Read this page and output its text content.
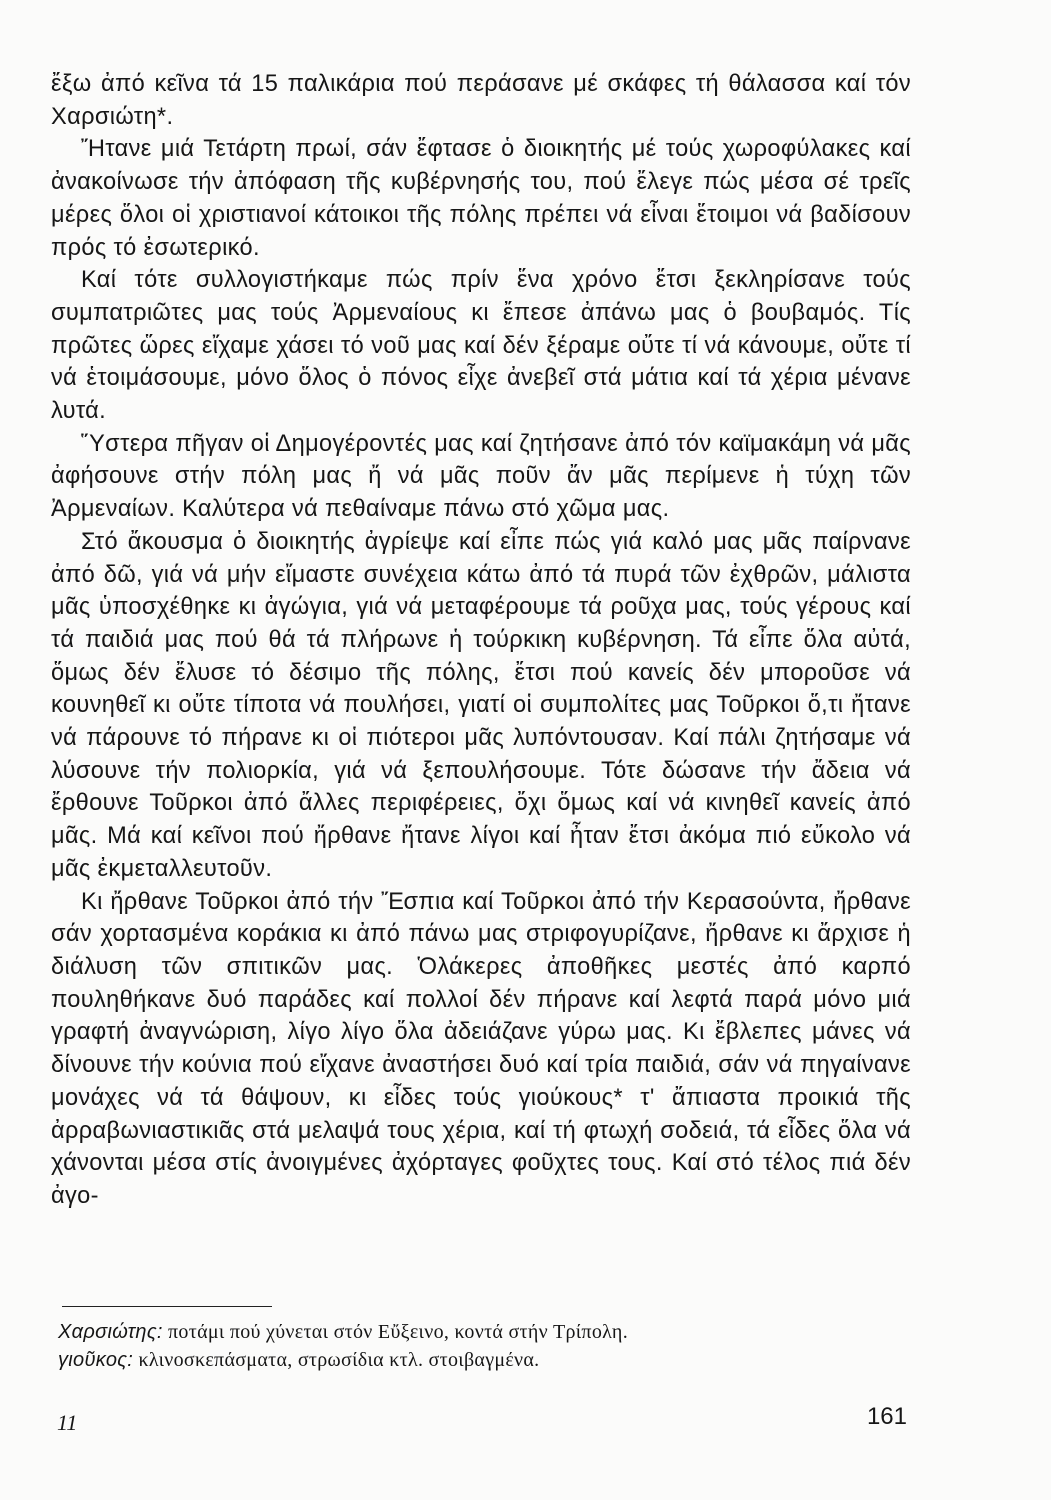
ἔξω ἀπό κεῖνα τά 15 παλικάρια πού περάσανε μέ σκάφες τή θάλασσα καί τόν Χαρσιώτη*.

Ἤτανε μιά Τετάρτη πρωί, σάν ἔφτασε ὁ διοικητής μέ τούς χωροφύλακες καί ἀνακοίνωσε τήν ἀπόφαση τῆς κυβέρνησής του, πού ἔλεγε πώς μέσα σέ τρεῖς μέρες ὅλοι οἱ χριστιανοί κάτοικοι τῆς πόλης πρέπει νά εἶναι ἕτοιμοι νά βαδίσουν πρός τό ἐσωτερικό.

Καί τότε συλλογιστήκαμε πώς πρίν ἕνα χρόνο ἔτσι ξεκληρίσανε τούς συμπατριῶτες μας τούς Ἀρμεναίους κι ἔπεσε ἀπάνω μας ὁ βουβαμός. Τίς πρῶτες ὥρες εἴχαμε χάσει τό νοῦ μας καί δέν ξέραμε οὔτε τί νά κάνουμε, οὔτε τί νά ἑτοιμάσουμε, μόνο ὅλος ὁ πόνος εἶχε ἀνεβεῖ στά μάτια καί τά χέρια μένανε λυτά.

Ὕστερα πῆγαν οἱ Δημογέροντές μας καί ζητήσανε ἀπό τόν καϊμακάμη νά μᾶς ἀφήσουνε στήν πόλη μας ἤ νά μᾶς ποῦν ἄν μᾶς περίμενε ἡ τύχη τῶν Ἀρμεναίων. Καλύτερα νά πεθαίναμε πάνω στό χῶμα μας.

Στό ἄκουσμα ὁ διοικητής ἀγρίεψε καί εἶπε πώς γιά καλό μας μᾶς παίρνανε ἀπό δῶ, γιά νά μήν εἴμαστε συνέχεια κάτω ἀπό τά πυρά τῶν ἐχθρῶν, μάλιστα μᾶς ὑποσχέθηκε κι ἀγώγια, γιά νά μεταφέρουμε τά ροῦχα μας, τούς γέρους καί τά παιδιά μας πού θά τά πλήρωνε ἡ τούρκικη κυβέρνηση. Τά εἶπε ὅλα αὐτά, ὅμως δέν ἔλυσε τό δέσιμο τῆς πόλης, ἔτσι πού κανείς δέν μποροῦσε νά κουνηθεῖ κι οὔτε τίποτα νά πουλήσει, γιατί οἱ συμπολίτες μας Τοῦρκοι ὅ,τι ἤτανε νά πάρουνε τό πήρανε κι οἱ πιότεροι μᾶς λυπόντουσαν. Καί πάλι ζητήσαμε νά λύσουνε τήν πολιορκία, γιά νά ξεπουλήσουμε. Τότε δώσανε τήν ἄδεια νά ἔρθουνε Τοῦρκοι ἀπό ἄλλες περιφέρειες, ὄχι ὅμως καί νά κινηθεῖ κανείς ἀπό μᾶς. Μά καί κεῖνοι πού ἤρθανε ἤτανε λίγοι καί ἦταν ἔτσι ἀκόμα πιό εὔκολο νά μᾶς ἐκμεταλλευτοῦν.

Κι ἤρθανε Τοῦρκοι ἀπό τήν Ἔσπια καί Τοῦρκοι ἀπό τήν Κερασούντα, ἤρθανε σάν χορτασμένα κοράκια κι ἀπό πάνω μας στριφογυρίζανε, ἤρθανε κι ἄρχισε ἡ διάλυση τῶν σπιτικῶν μας. Ὁλάκερες ἀποθῆκες μεστές ἀπό καρπό πουληθήκανε δυό παράδες καί πολλοί δέν πήρανε καί λεφτά παρά μόνο μιά γραφτή ἀναγνώριση, λίγο λίγο ὅλα ἀδειάζανε γύρω μας. Κι ἔβλεπες μάνες νά δίνουνε τήν κούνια πού εἴχανε ἀναστήσει δυό καί τρία παιδιά, σάν νά πηγαίνανε μονάχες νά τά θάψουν, κι εἶδες τούς γιούκους* τ' ἄπιαστα προικιά τῆς ἀρραβωνιαστικιᾶς στά μελαψά τους χέρια, καί τή φτωχή σοδειά, τά εἶδες ὅλα νά χάνονται μέσα στίς ἀνοιγμένες ἀχόρταγες φοῦχτες τους. Καί στό τέλος πιά δέν ἀγο-

Χαρσιώτης: ποτάμι πού χύνεται στόν Εὔξεινο, κοντά στήν Τρίπολη.

γιοῦκος: κλινοσκεπάσματα, στρωσίδια κτλ. στοιβαγμένα.

11	161
